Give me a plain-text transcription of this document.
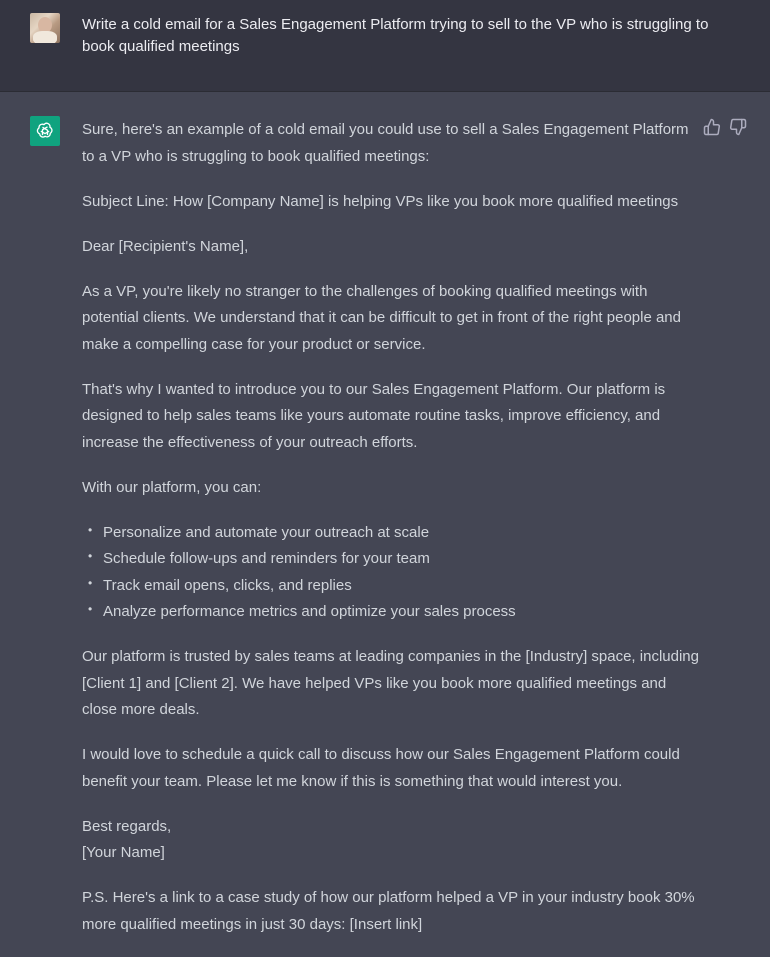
Write a cold email for a Sales Engagement Platform trying to sell to the VP who is struggling to book qualified meetings

Sure, here's an example of a cold email you could use to sell a Sales Engagement Platform to a VP who is struggling to book qualified meetings:

Subject Line: How [Company Name] is helping VPs like you book more qualified meetings

Dear [Recipient's Name],

As a VP, you're likely no stranger to the challenges of booking qualified meetings with potential clients. We understand that it can be difficult to get in front of the right people and make a compelling case for your product or service.

That's why I wanted to introduce you to our Sales Engagement Platform. Our platform is designed to help sales teams like yours automate routine tasks, improve efficiency, and increase the effectiveness of your outreach efforts.

With our platform, you can:

• Personalize and automate your outreach at scale
• Schedule follow-ups and reminders for your team
• Track email opens, clicks, and replies
• Analyze performance metrics and optimize your sales process

Our platform is trusted by sales teams at leading companies in the [Industry] space, including [Client 1] and [Client 2]. We have helped VPs like you book more qualified meetings and close more deals.

I would love to schedule a quick call to discuss how our Sales Engagement Platform could benefit your team. Please let me know if this is something that would interest you.

Best regards,
[Your Name]

P.S. Here's a link to a case study of how our platform helped a VP in your industry book 30% more qualified meetings in just 30 days: [Insert link]
